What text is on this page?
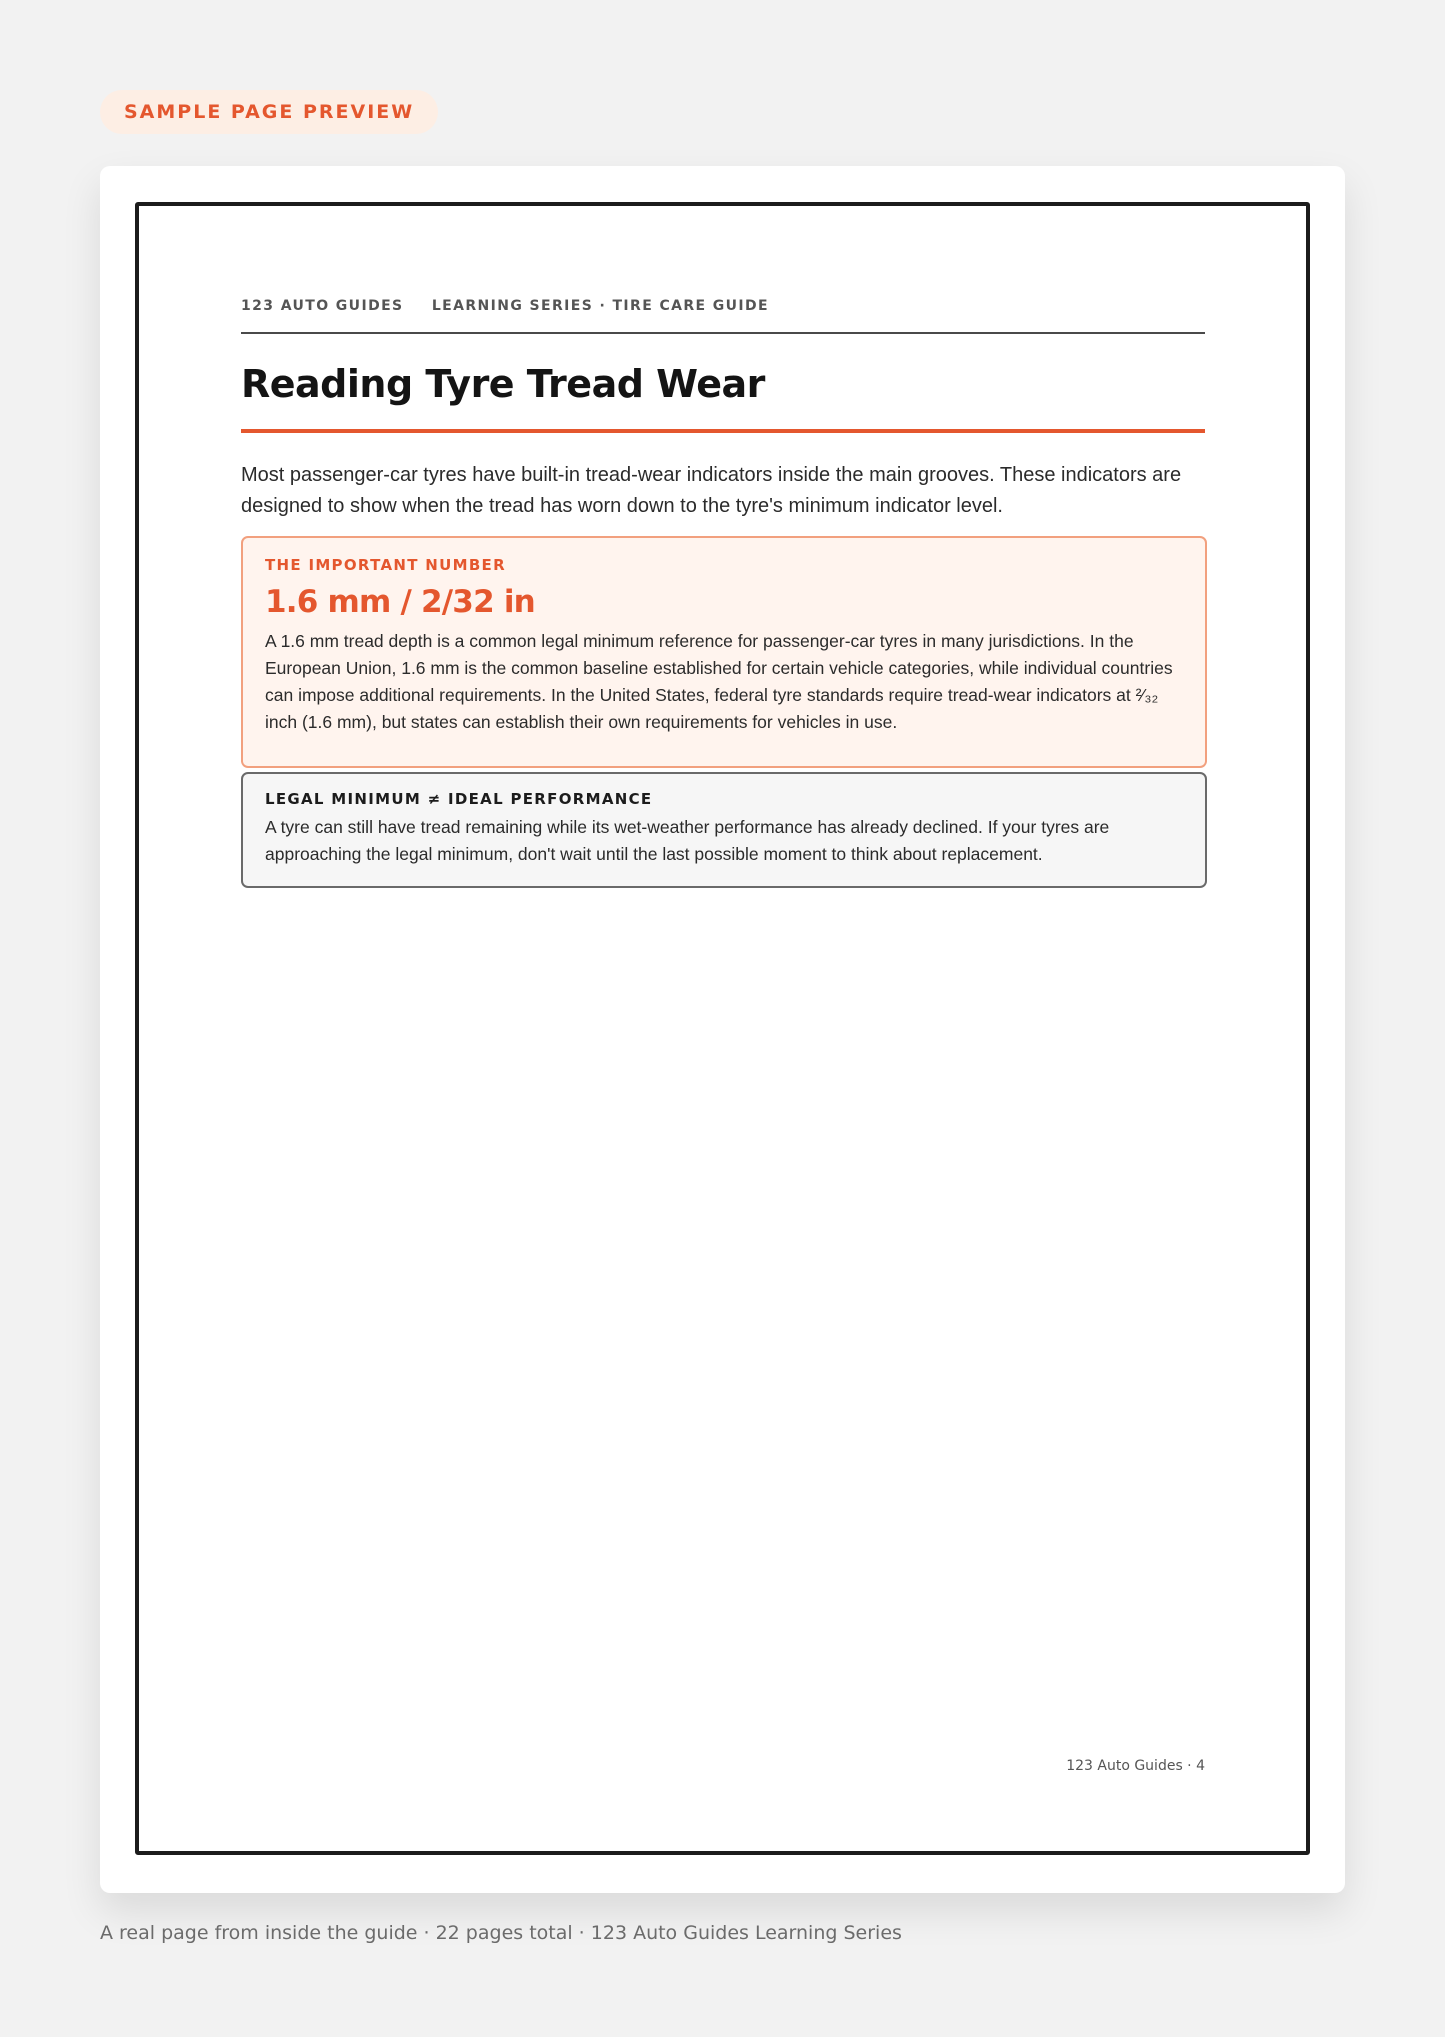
SAMPLE PAGE PREVIEW
123 AUTO GUIDES LEARNING SERIES · TIRE CARE GUIDE
Reading Tyre Tread Wear

Most passenger-car tyres have built-in tread-wear indicators inside the main grooves. These indicators are designed to show when the tread has worn down to the tyre's minimum indicator level.

THE IMPORTANT NUMBER
1.6 mm / 2/32 in
A 1.6 mm tread depth is a common legal minimum reference for passenger-car tyres in many jurisdictions. In the European Union, 1.6 mm is the common baseline established for certain vehicle categories, while individual countries can impose additional requirements. In the United States, federal tyre standards require tread-wear indicators at ²⁄₃₂ inch (1.6 mm), but states can establish their own requirements for vehicles in use.
LEGAL MINIMUM ≠ IDEAL PERFORMANCE
A tyre can still have tread remaining while its wet-weather performance has already declined. If your tyres are approaching the legal minimum, don't wait until the last possible moment to think about replacement.
123 Auto Guides · 4
A real page from inside the guide · 22 pages total · 123 Auto Guides Learning Series
